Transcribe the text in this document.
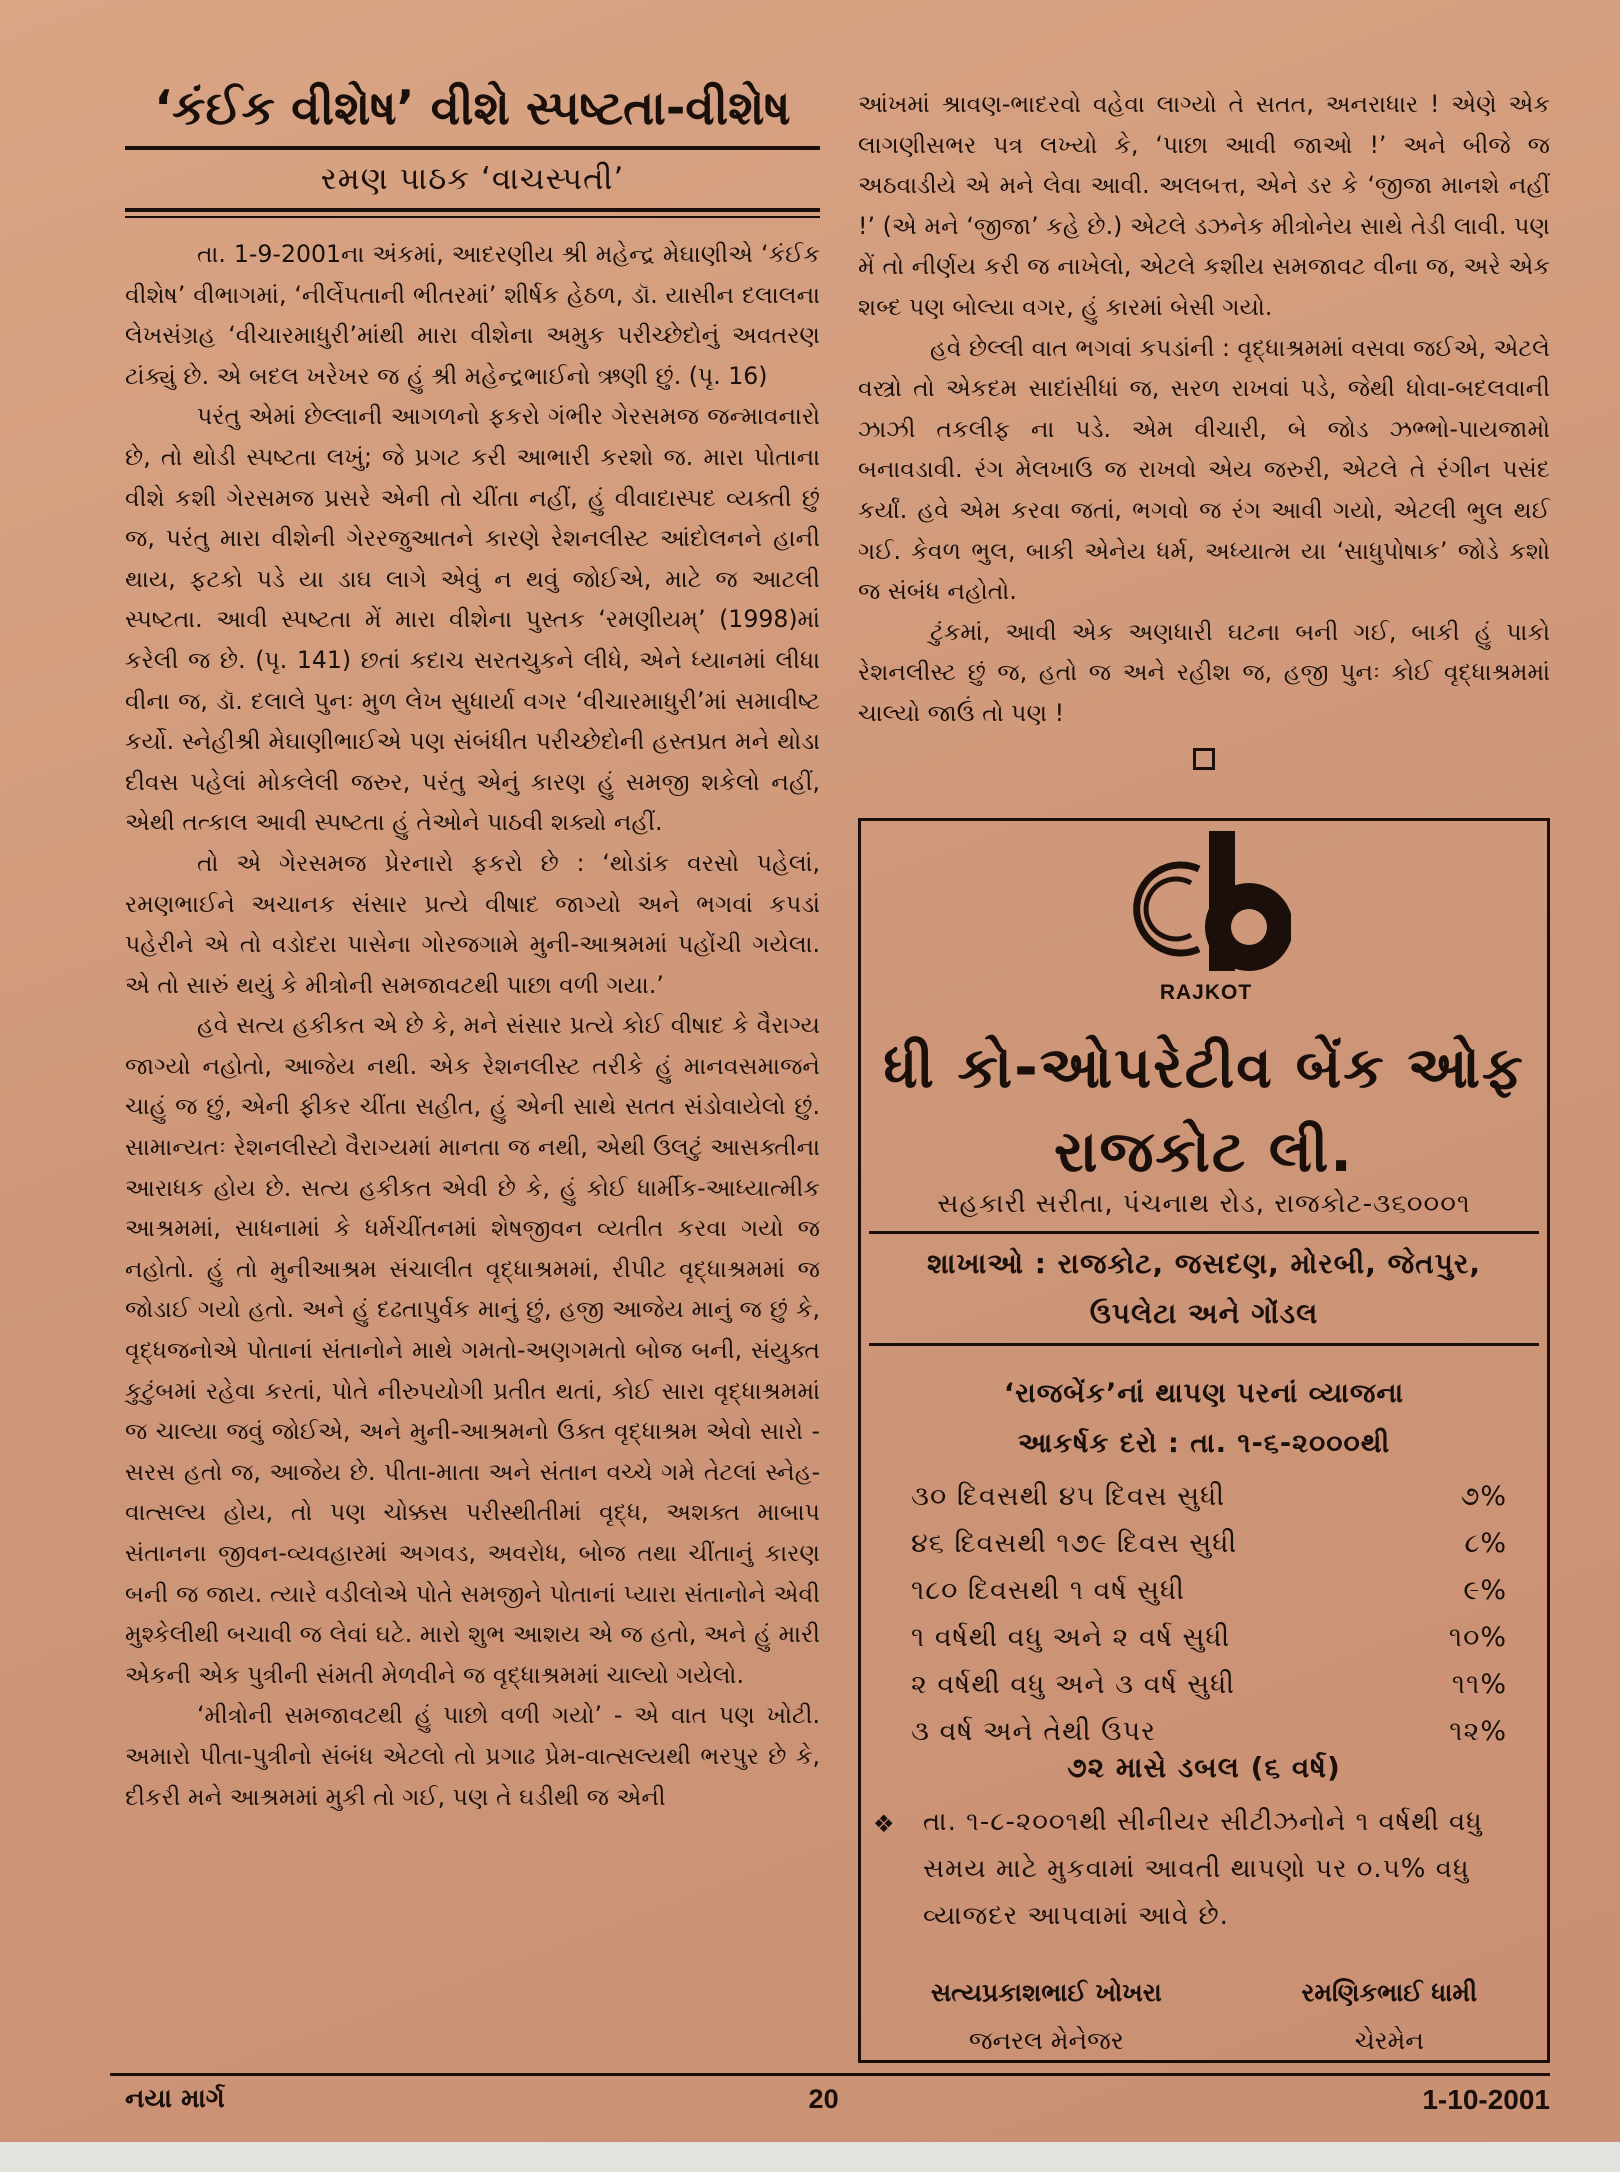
‘કંઈક વીશેષ’ વીશે સ્પષ્ટતા-વીશેષ
રમણ પાઠક ‘વાચસ્પતી’

તા. 1-9-2001ના અંકમાં, આદરણીય શ્રી મહેન્દ્ર મેઘાણીએ ‘કંઈક વીશેષ’ વીભાગમાં, ‘નીર્લેપતાની ભીતરમાં’ શીર્ષક હેઠળ, ડૉ. યાસીન દલાલના લેખસંગ્રહ ‘વીચારમાધુરી’માંથી મારા વીશેના અમુક પરીચ્છેદોનું અવતરણ ટાંક્યું છે. એ બદલ ખરેખર જ હું શ્રી મહેન્દ્રભાઈનો ઋણી છું. (પૃ. 16)

પરંતુ એમાં છેલ્લાની આગળનો ફકરો ગંભીર ગેરસમજ જન્માવનારો છે, તો થોડી સ્પષ્ટતા લખું; જે પ્રગટ કરી આભારી કરશો જ. મારા પોતાના વીશે કશી ગેરસમજ પ્રસરે એની તો ચીંતા નહીં, હું વીવાદાસ્પદ વ્યક્તી છું જ, પરંતુ મારા વીશેની ગેરરજુઆતને કારણે રેશનલીસ્ટ આંદોલનને હાની થાય, ફટકો પડે યા ડાઘ લાગે એવું ન થવું જોઈએ, માટે જ આટલી સ્પષ્ટતા. આવી સ્પષ્ટતા મેં મારા વીશેના પુસ્તક ‘રમણીયમ્’ (1998)માં કરેલી જ છે. (પૃ. 141) છતાં કદાચ સરતચુકને લીધે, એને ધ્યાનમાં લીધા વીના જ, ડૉ. દલાલે પુનઃ મુળ લેખ સુધાર્યા વગર ‘વીચારમાધુરી’માં સમાવીષ્ટ કર્યો. સ્નેહીશ્રી મેઘાણીભાઈએ પણ સંબંધીત પરીચ્છેદોની હસ્તપ્રત મને થોડા દીવસ પહેલાં મોકલેલી જરુર, પરંતુ એનું કારણ હું સમજી શકેલો નહીં, એથી તત્કાલ આવી સ્પષ્ટતા હું તેઓને પાઠવી શક્યો નહીં.

તો એ ગેરસમજ પ્રેરનારો ફકરો છે : ‘થોડાંક વરસો પહેલાં, રમણભાઈને અચાનક સંસાર પ્રત્યે વીષાદ જાગ્યો અને ભગવાં કપડાં પહેરીને એ તો વડોદરા પાસેના ગોરજગામે મુની-આશ્રમમાં પહોંચી ગયેલા. એ તો સારું થયું કે મીત્રોની સમજાવટથી પાછા વળી ગયા.’

હવે સત્ય હકીકત એ છે કે, મને સંસાર પ્રત્યે કોઈ વીષાદ કે વૈરાગ્ય જાગ્યો નહોતો, આજેય નથી. એક રેશનલીસ્ટ તરીકે હું માનવસમાજને ચાહું જ છું, એની ફીકર ચીંતા સહીત, હું એની સાથે સતત સંડોવાયેલો છું. સામાન્યતઃ રેશનલીસ્ટો વૈરાગ્યમાં માનતા જ નથી, એથી ઉલટું આસક્તીના આરાધક હોય છે. સત્ય હકીકત એવી છે કે, હું કોઈ ધાર્મીક-આધ્યાત્મીક આશ્રમમાં, સાધનામાં કે ધર્મચીંતનમાં શેષજીવન વ્યતીત કરવા ગયો જ નહોતો. હું તો મુનીઆશ્રમ સંચાલીત વૃદ્ધાશ્રમમાં, રીપીટ વૃદ્ધાશ્રમમાં જ જોડાઈ ગયો હતો. અને હું દઢતાપુર્વક માનું છું, હજી આજેય માનું જ છું કે, વૃદ્ધજનોએ પોતાનાં સંતાનોને માથે ગમતો-અણગમતો બોજ બની, સંયુક્ત કુટુંબમાં રહેવા કરતાં, પોતે નીરુપયોગી પ્રતીત થતાં, કોઈ સારા વૃદ્ધાશ્રમમાં જ ચાલ્યા જવું જોઈએ, અને મુની-આશ્રમનો ઉક્ત વૃદ્ધાશ્રમ એવો સારો - સરસ હતો જ, આજેય છે. પીતા-માતા અને સંતાન વચ્ચે ગમે તેટલાં સ્નેહ-વાત્સલ્ય હોય, તો પણ ચોક્કસ પરીસ્થીતીમાં વૃદ્ધ, અશક્ત માબાપ સંતાનના જીવન-વ્યવહારમાં અગવડ, અવરોધ, બોજ તથા ચીંતાનું કારણ બની જ જાય. ત્યારે વડીલોએ પોતે સમજીને પોતાનાં પ્યારા સંતાનોને એવી મુશ્કેલીથી બચાવી જ લેવાં ઘટે. મારો શુભ આશય એ જ હતો, અને હું મારી એકની એક પુત્રીની સંમતી મેળવીને જ વૃદ્ધાશ્રમમાં ચાલ્યો ગયેલો.

‘મીત્રોની સમજાવટથી હું પાછો વળી ગયો’ - એ વાત પણ ખોટી. અમારો પીતા-પુત્રીનો સંબંધ એટલો તો પ્રગાઢ પ્રેમ-વાત્સલ્યથી ભરપુર છે કે, દીકરી મને આશ્રમમાં મુકી તો ગઈ, પણ તે ઘડીથી જ એની

આંખમાં શ્રાવણ-ભાદરવો વહેવા લાગ્યો તે સતત, અનરાધાર ! એણે એક લાગણીસભર પત્ર લખ્યો કે, ‘પાછા આવી જાઓ !’ અને બીજે જ અઠવાડીયે એ મને લેવા આવી. અલબત્ત, એને ડર કે ‘જીજા માનશે નહીં !’ (એ મને ‘જીજા’ કહે છે.) એટલે ડઝનેક મીત્રોનેય સાથે તેડી લાવી. પણ મેં તો નીર્ણય કરી જ નાખેલો, એટલે કશીય સમજાવટ વીના જ, અરે એક શબ્દ પણ બોલ્યા વગર, હું કારમાં બેસી ગયો.

હવે છેલ્લી વાત ભગવાં કપડાંની : વૃદ્ધાશ્રમમાં વસવા જઈએ, એટલે વસ્ત્રો તો એકદમ સાદાંસીધાં જ, સરળ રાખવાં પડે, જેથી ધોવા-બદલવાની ઝાઝી તકલીફ ના પડે. એમ વીચારી, બે જોડ ઝભ્ભો-પાયજામો બનાવડાવી. રંગ મેલખાઉ જ રાખવો એય જરુરી, એટલે તે રંગીન પસંદ કર્યાં. હવે એમ કરવા જતાં, ભગવો જ રંગ આવી ગયો, એટલી ભુલ થઈ ગઈ. કેવળ ભુલ, બાકી એનેય ધર્મ, અધ્યાત્મ યા ‘સાધુપોષાક’ જોડે કશો જ સંબંધ નહોતો.

ટુંકમાં, આવી એક અણધારી ઘટના બની ગઈ, બાકી હું પાકો રેશનલીસ્ટ છું જ, હતો જ અને રહીશ જ, હજી પુનઃ કોઈ વૃદ્ધાશ્રમમાં ચાલ્યો જાઉં તો પણ !

RAJKOT
ધી કો-ઓપરેટીવ બેંક ઓફ
રાજકોટ લી.
સહકારી સરીતા, પંચનાથ રોડ, રાજકોટ-૩૬૦૦૦૧
શાખાઓ : રાજકોટ, જસદણ, મોરબી, જેતપુર,
ઉપલેટા અને ગોંડલ
‘રાજબેંક’નાં થાપણ પરનાં વ્યાજના
આકર્ષક દરો : તા. ૧-૬-૨૦૦૦થી
૩૦ દિવસથી ૪૫ દિવસ સુધી	૭%
૪૬ દિવસથી ૧૭૯ દિવસ સુધી	૮%
૧૮૦ દિવસથી ૧ વર્ષ સુધી	૯%
૧ વર્ષથી વધુ અને ૨ વર્ષ સુધી	૧૦%
૨ વર્ષથી વધુ અને ૩ વર્ષ સુધી	૧૧%
૩ વર્ષ અને તેથી ઉપર	૧૨%
૭૨ માસે ડબલ (૬ વર્ષ)
❖	તા. ૧-૮-૨૦૦૧થી સીનીયર સીટીઝનોને ૧ વર્ષથી વધુ સમય માટે મુકવામાં આવતી થાપણો પર ૦.૫% વધુ વ્યાજદર આપવામાં આવે છે.
સત્યપ્રકાશભાઈ ખોખરા
જનરલ મેનેજર
રમણિકભાઈ ધામી
ચેરમેન
નયા માર્ગ	20	1-10-2001
